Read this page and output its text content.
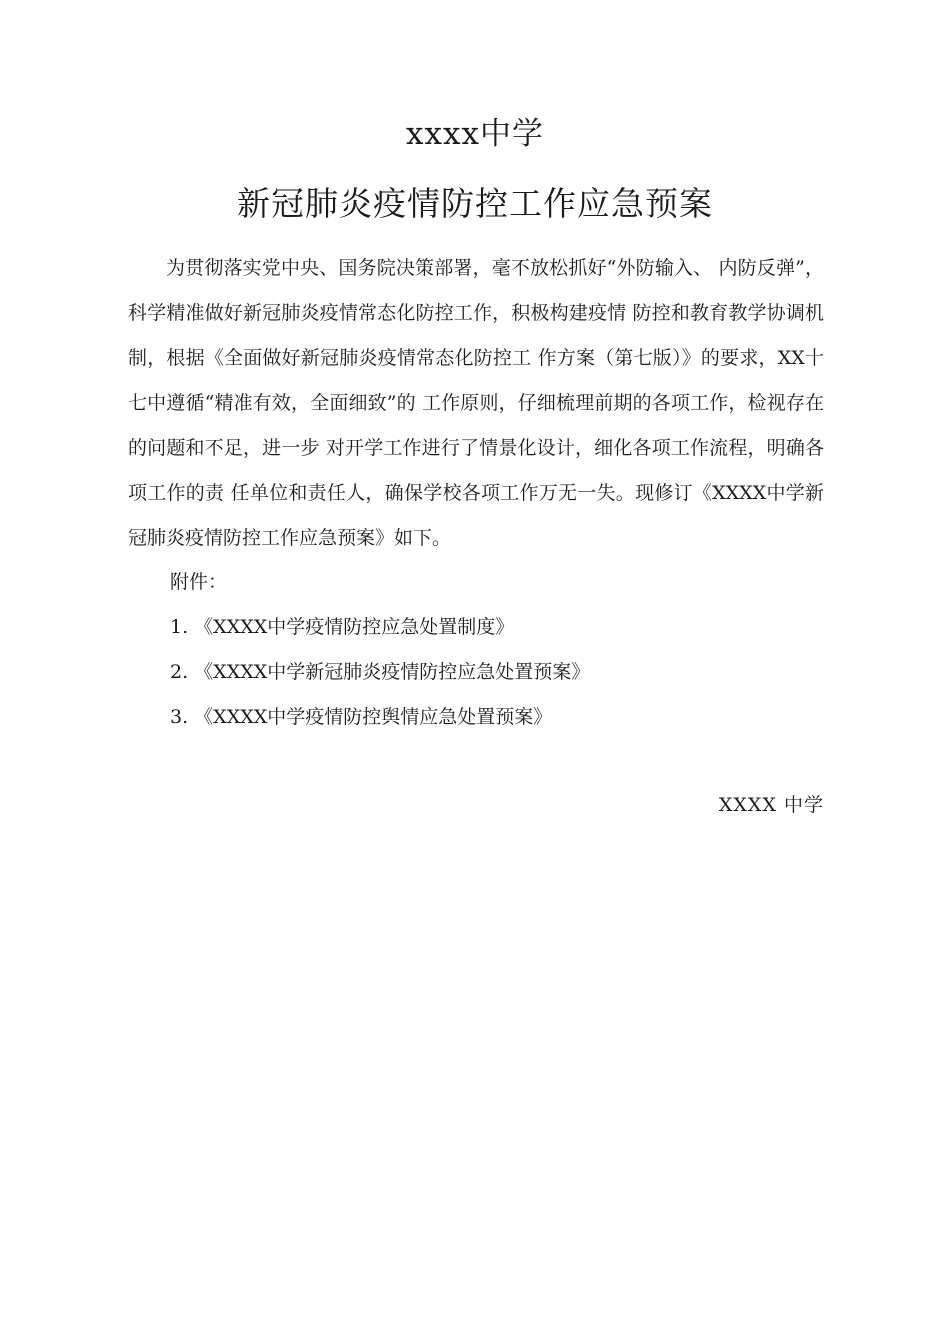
xxxx中学
新冠肺炎疫情防控工作应急预案

为贯彻落实党中央、国务院决策部署，毫不放松抓好“外防输入、 内防反弹”，科学精准做好新冠肺炎疫情常态化防控工作，积极构建疫情 防控和教育教学协调机制，根据《全面做好新冠肺炎疫情常态化防控工 作方案（第七版）》的要求，XX十七中遵循“精准有效，全面细致”的 工作原则，仔细梳理前期的各项工作，检视存在的问题和不足，进一步 对开学工作进行了情景化设计，细化各项工作流程，明确各项工作的责 任单位和责任人，确保学校各项工作万无一失。现修订《XXXX中学新 冠肺炎疫情防控工作应急预案》如下。

附件：
1. 《XXXX中学疫情防控应急处置制度》
2. 《XXXX中学新冠肺炎疫情防控应急处置预案》
3. 《XXXX中学疫情防控舆情应急处置预案》
XXXX 中学
